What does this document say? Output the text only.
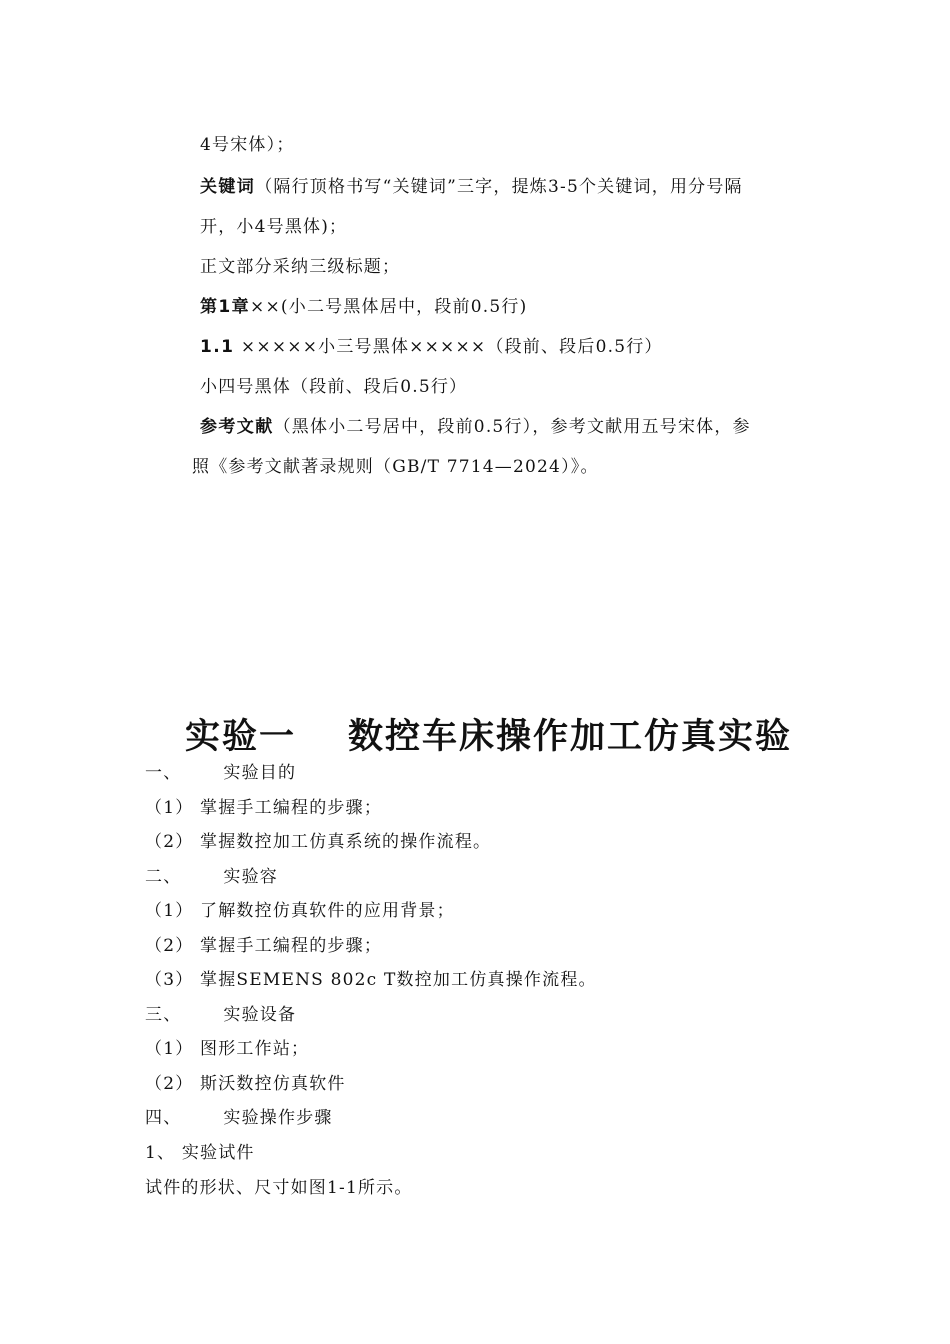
4号宋体）；
关键词（隔行顶格书写“关键词”三字，提炼3-5个关键词，用分号隔
开，小4号黑体)；
正文部分采纳三级标题；
第1章××(小二号黑体居中，段前0.5行)
1.1 ×××××小三号黑体×××××（段前、段后0.5行）
小四号黑体（段前、段后0.5行）
参考文献（黑体小二号居中，段前0.5行），参考文献用五号宋体，参
照《参考文献著录规则（GB/T 7714—2024）》。
实验一 数控车床操作加工仿真实验
一、 实验目的
（1） 掌握手工编程的步骤；
（2） 掌握数控加工仿真系统的操作流程。
二、 实验容
（1） 了解数控仿真软件的应用背景；
（2） 掌握手工编程的步骤；
（3） 掌握SEMENS 802c T数控加工仿真操作流程。
三、 实验设备
（1） 图形工作站；
（2） 斯沃数控仿真软件
四、 实验操作步骤
1、 实验试件
试件的形状、尺寸如图1-1所示。
